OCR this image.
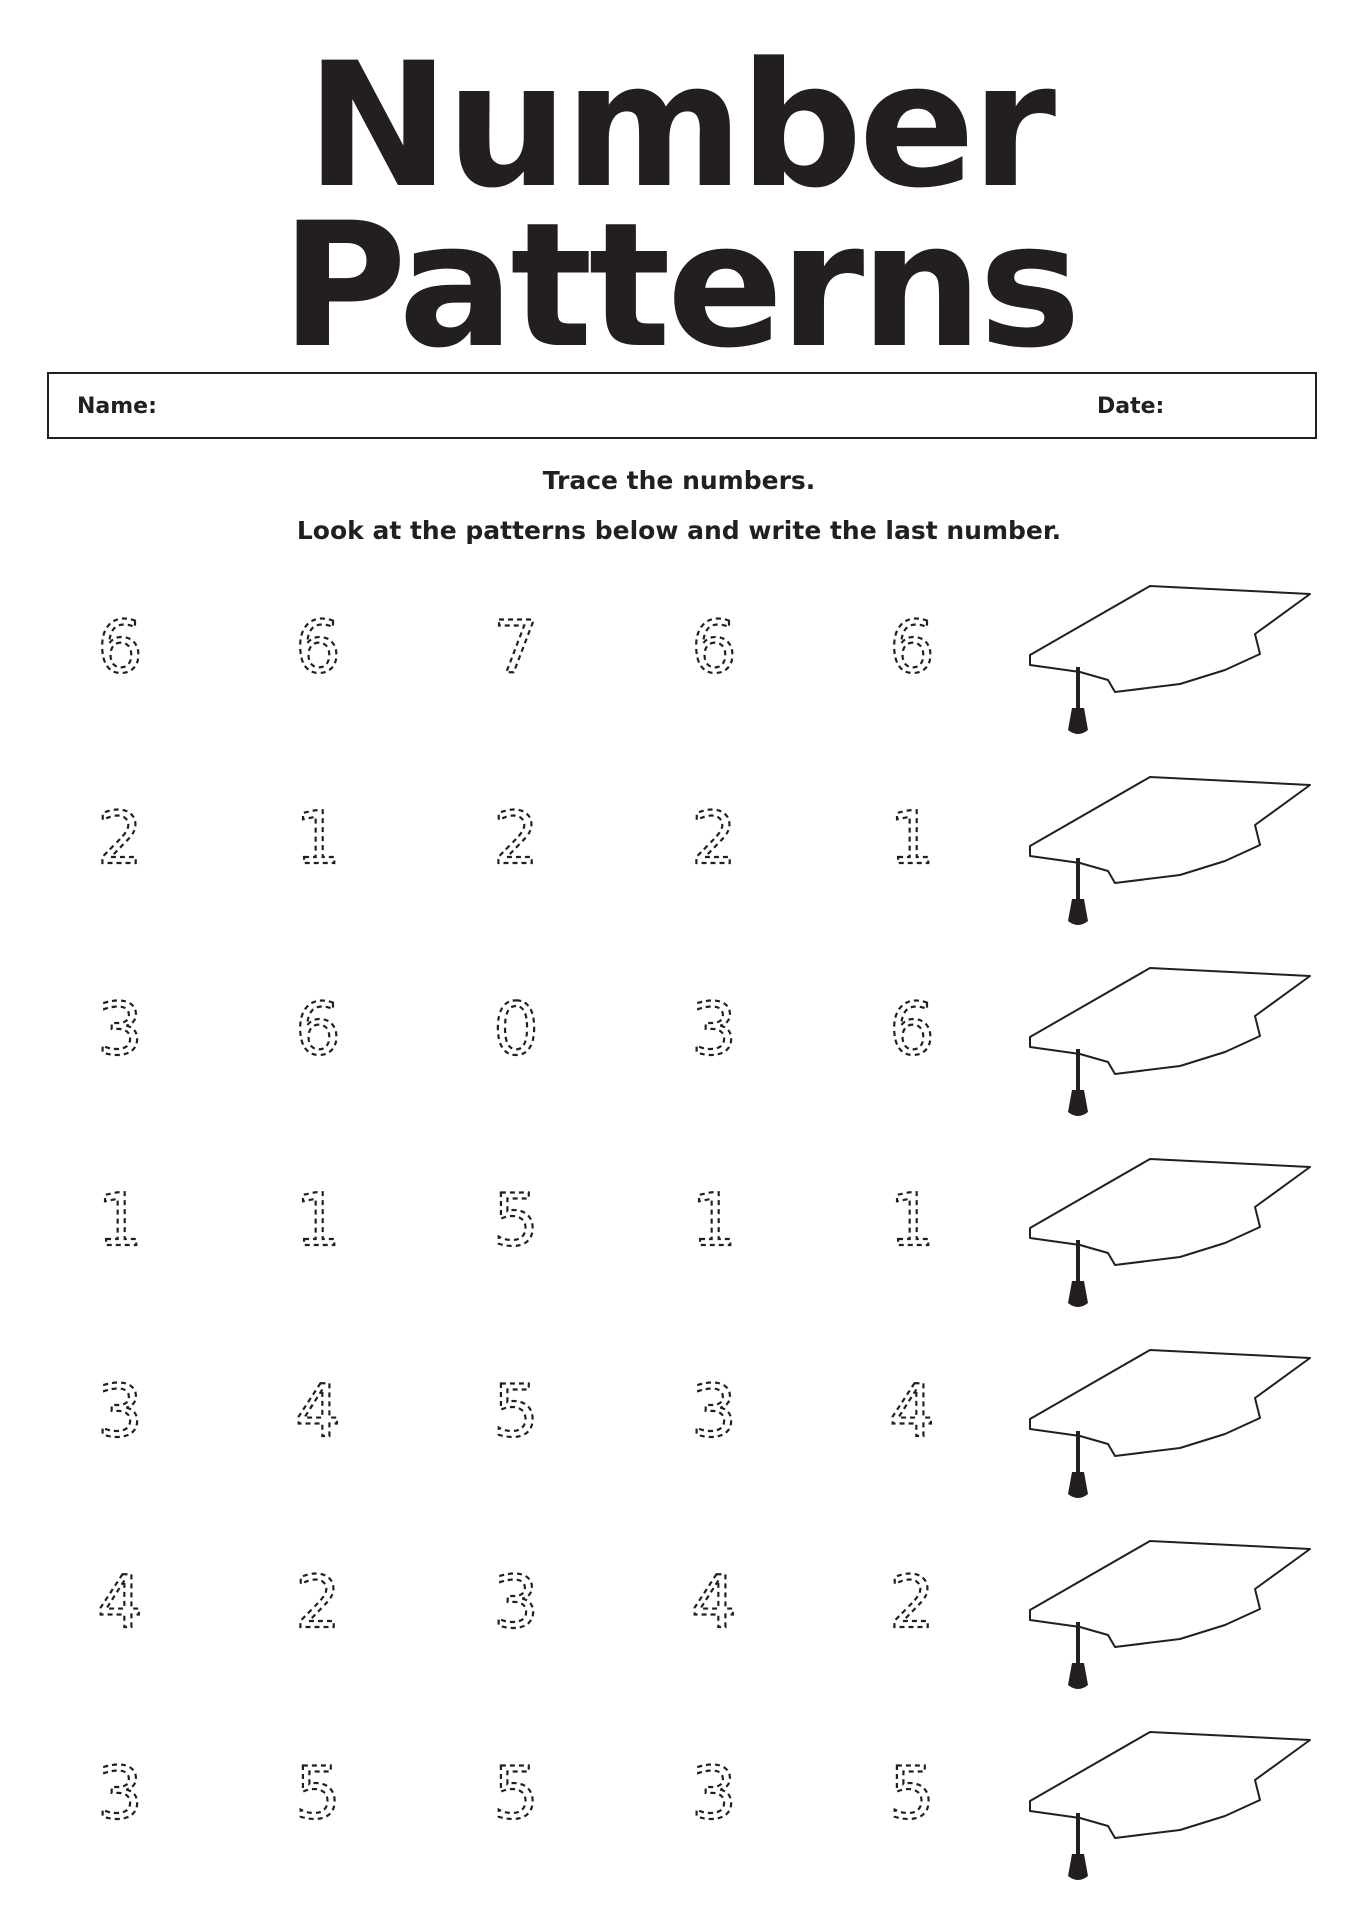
Number
Patterns
Name:	Date:

Trace the numbers.

Look at the patterns below and write the last number.

6 6 7 6 6
2 1 2 2 1
3 6 0 3 6
1 1 5 1 1
3 4 5 3 4
4 2 3 4 2
3 5 5 3 5
